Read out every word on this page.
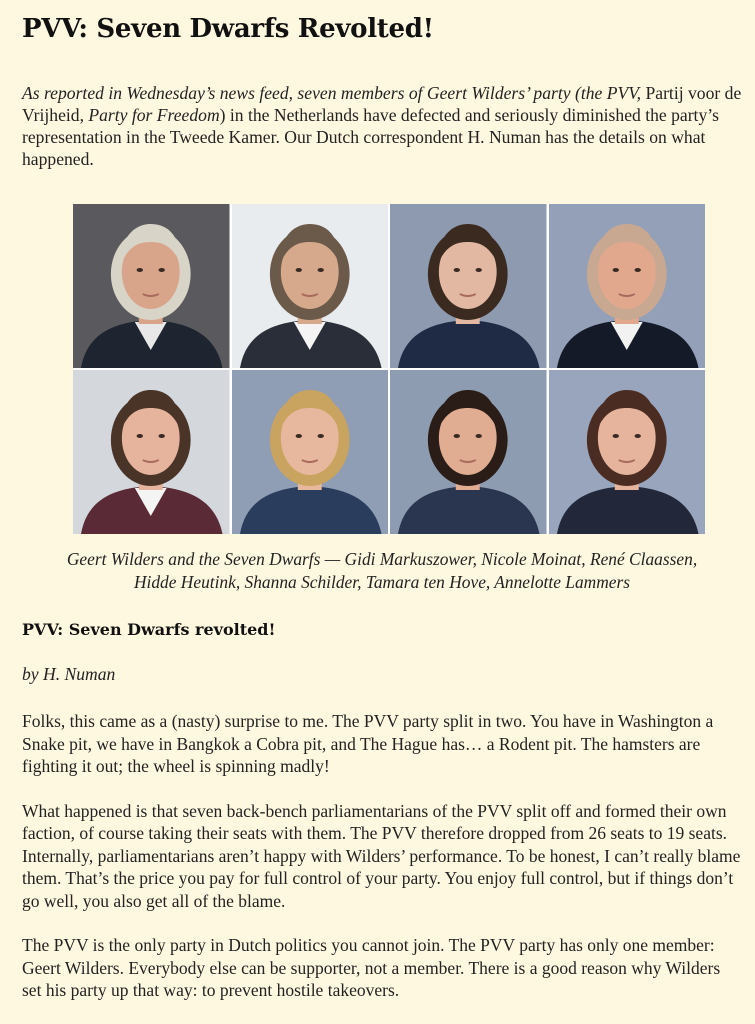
PVV: Seven Dwarfs Revolted!
As reported in Wednesday’s news feed, seven members of Geert Wilders’ party (the PVV, Partij voor de Vrijheid, Party for Freedom) in the Netherlands have defected and seriously diminished the party’s representation in the Tweede Kamer. Our Dutch correspondent H. Numan has the details on what happened.
Geert Wilders and the Seven Dwarfs — Gidi Markuszower, Nicole Moinat, René Claassen,
Hidde Heutink, Shanna Schilder, Tamara ten Hove, Annelotte Lammers
PVV: Seven Dwarfs revolted!
by H. Numan

Folks, this came as a (nasty) surprise to me. The PVV party split in two. You have in Washington a Snake pit, we have in Bangkok a Cobra pit, and The Hague has… a Rodent pit. The hamsters are fighting it out; the wheel is spinning madly!

What happened is that seven back-bench parliamentarians of the PVV split off and formed their own faction, of course taking their seats with them. The PVV therefore dropped from 26 seats to 19 seats. Internally, parliamentarians aren’t happy with Wilders’ performance. To be honest, I can’t really blame them. That’s the price you pay for full control of your party. You enjoy full control, but if things don’t go well, you also get all of the blame.

The PVV is the only party in Dutch politics you cannot join. The PVV party has only one member: Geert Wilders. Everybody else can be supporter, not a member. There is a good reason why Wilders set his party up that way: to prevent hostile takeovers.
